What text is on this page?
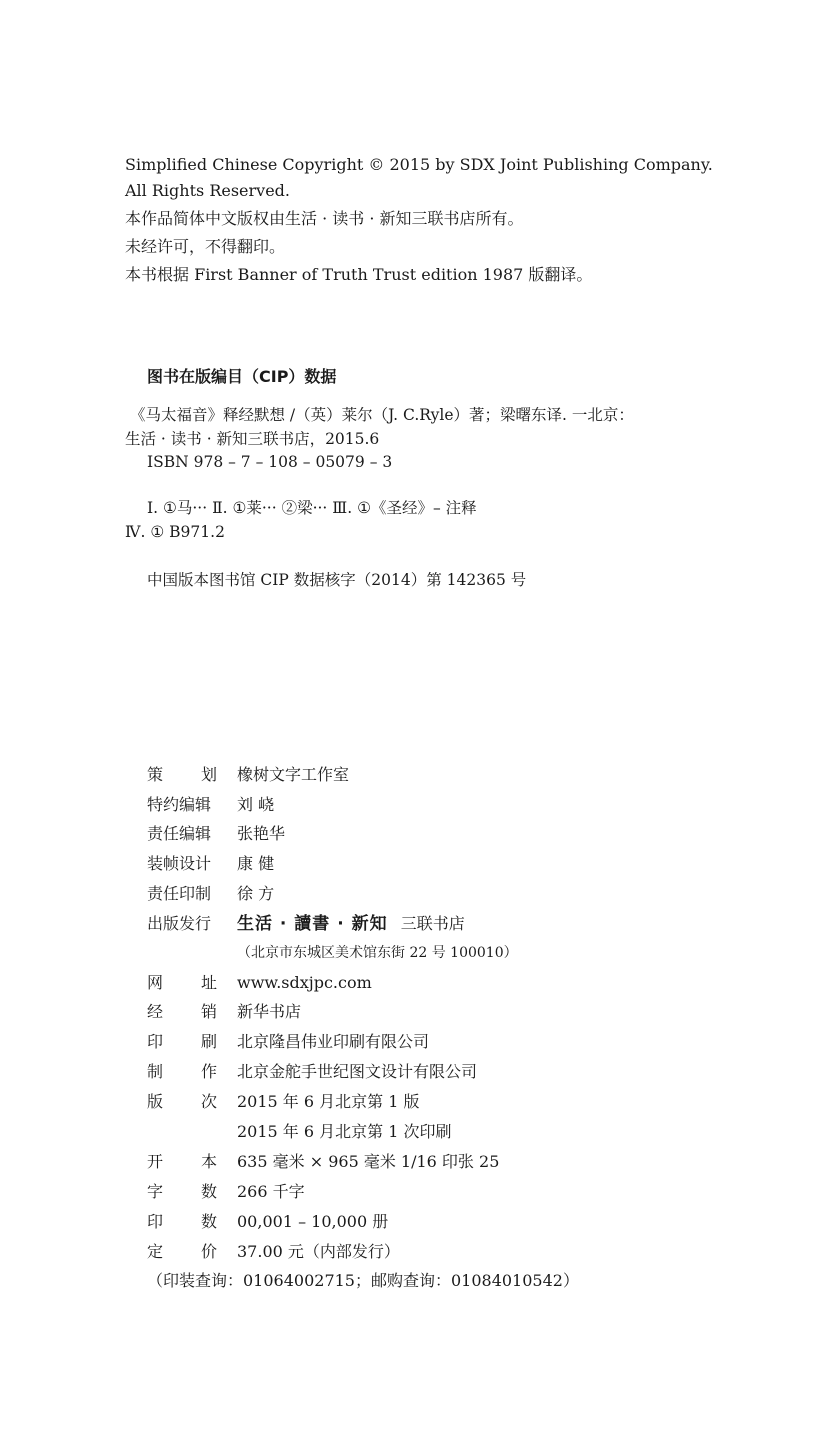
Simplified Chinese Copyright © 2015 by SDX Joint Publishing Company.
All Rights Reserved.
本作品简体中文版权由生活 · 读书 · 新知三联书店所有。
未经许可，不得翻印。
本书根据 First Banner of Truth Trust edition 1987 版翻译。
图书在版编目（CIP）数据
《马太福音》释经默想 /（英）莱尔（J. C.Ryle）著；梁曙东译. 一北京：
生活 · 读书 · 新知三联书店，2015.6
ISBN 978 – 7 – 108 – 05079 – 3
Ⅰ. ①马··· Ⅱ. ①莱··· ②梁··· Ⅲ. ①《圣经》– 注释
Ⅳ. ① B971.2
中国版本图书馆 CIP 数据核字（2014）第 142365 号
策 划 橡树文字工作室
特约编辑 刘 峣
责任编辑 张艳华
装帧设计 康 健
责任印制 徐 方
出版发行 生活 · 讀書 · 新知 三联书店
（北京市东城区美术馆东街 22 号 100010）
网 址 www.sdxjpc.com
经 销 新华书店
印 刷 北京隆昌伟业印刷有限公司
制 作 北京金舵手世纪图文设计有限公司
版 次 2015 年 6 月北京第 1 版
2015 年 6 月北京第 1 次印刷
开 本 635 毫米 × 965 毫米 1/16 印张 25
字 数 266 千字
印 数 00,001 – 10,000 册
定 价 37.00 元（内部发行）
（印装查询：01064002715；邮购查询：01084010542）
